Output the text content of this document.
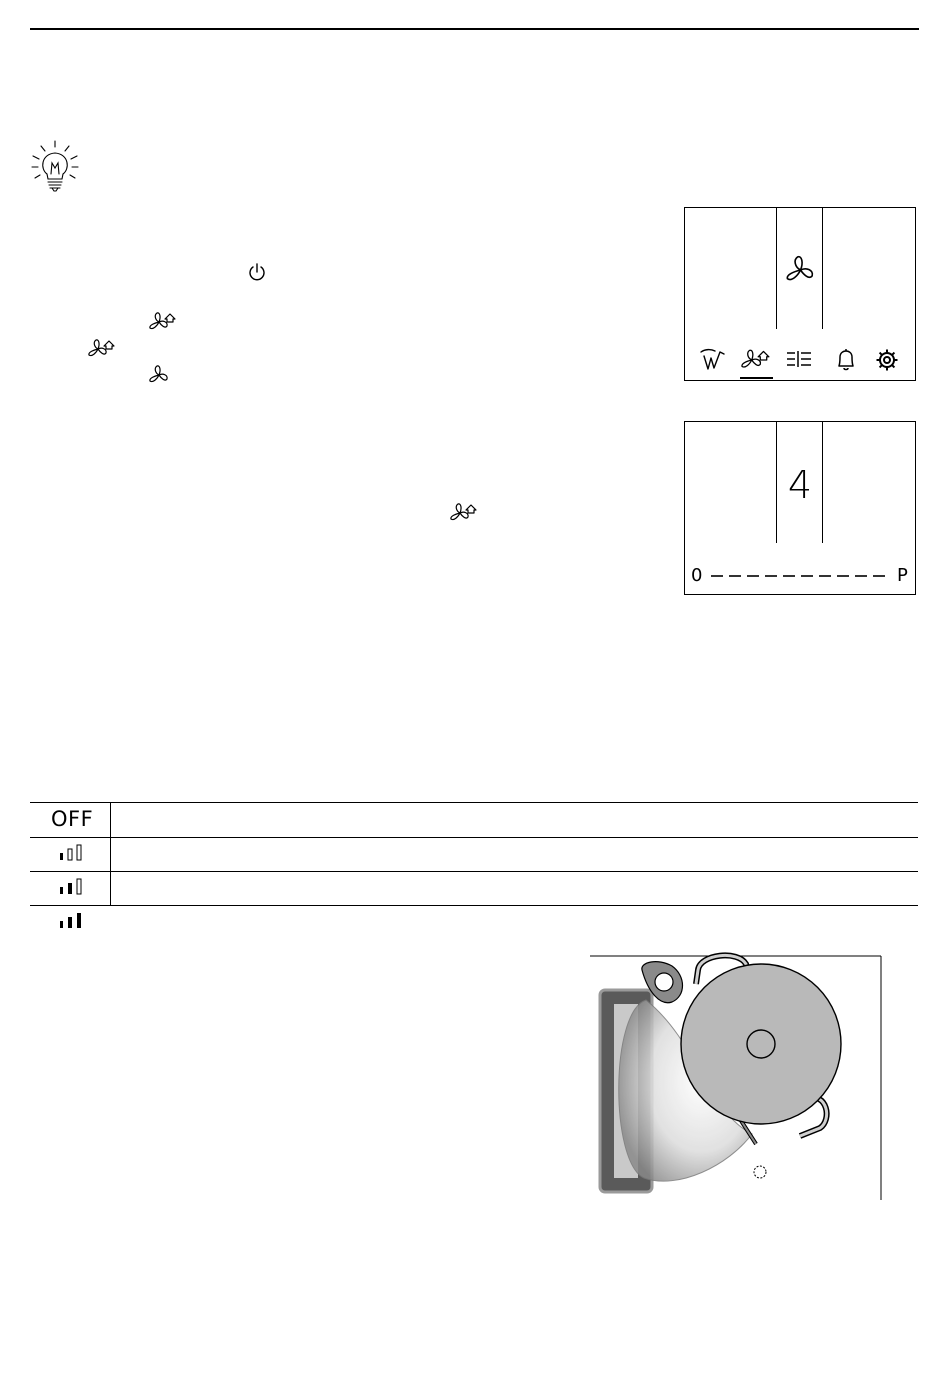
4
0	P
OFF
